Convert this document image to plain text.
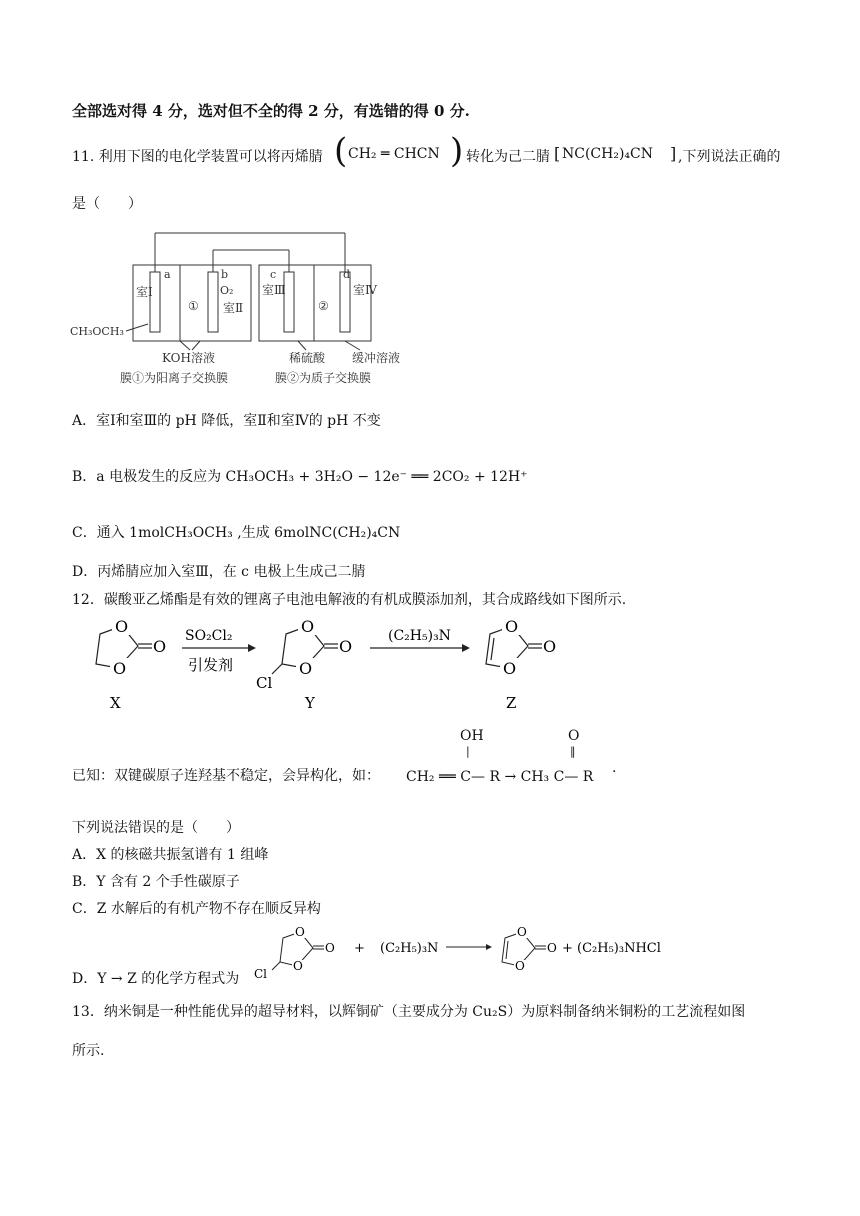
全部选对得 4 分，选对但不全的得 2 分，有选错的得 0 分.
11. 利用下图的电化学装置可以将丙烯腈 ( CH₂ ═ CHCN ) 转化为己二腈 [ NC(CH₂)₄CN ] ,下列说法正确的
是（　　）
a	b	c	d
室Ⅰ
①
O₂
室Ⅱ
室Ⅲ
②
室Ⅳ
CH₃OCH₃
KOH溶液	稀硫酸 缓冲溶液
膜①为阳离子交换膜	膜②为质子交换膜
A．室Ⅰ和室Ⅲ的 pH 降低，室Ⅱ和室Ⅳ的 pH 不变
B．a 电极发生的反应为 CH₃OCH₃ + 3H₂O − 12e⁻ ══ 2CO₂ + 12H⁺
C．通入 1molCH₃OCH₃ ,生成 6molNC(CH₂)₄CN
D．丙烯腈应加入室Ⅲ，在 c 电极上生成己二腈
12．碳酸亚乙烯酯是有效的锂离子电池电解液的有机成膜添加剂，其合成路线如下图所示.
O
O
O
X
SO₂Cl₂
引发剂
O
O
O
Cl
Y
(C₂H₅)₃N	O
O
O
Z
OH
|
O
‖
已知：双键碳原子连羟基不稳定，会异构化，如： CH₂ ══ C— R → CH₃ C— R
.
下列说法错误的是（　　）
A．X 的核磁共振氢谱有 1 组峰
B．Y 含有 2 个手性碳原子
C．Z 水解后的有机产物不存在顺反异构
D．Y → Z 的化学方程式为
O
O
O
Cl
+ (C₂H₅)₃N
O
O
O + (C₂H₅)₃NHCl
13．纳米铜是一种性能优异的超导材料，以辉铜矿（主要成分为 Cu₂S）为原料制备纳米铜粉的工艺流程如图
所示.
